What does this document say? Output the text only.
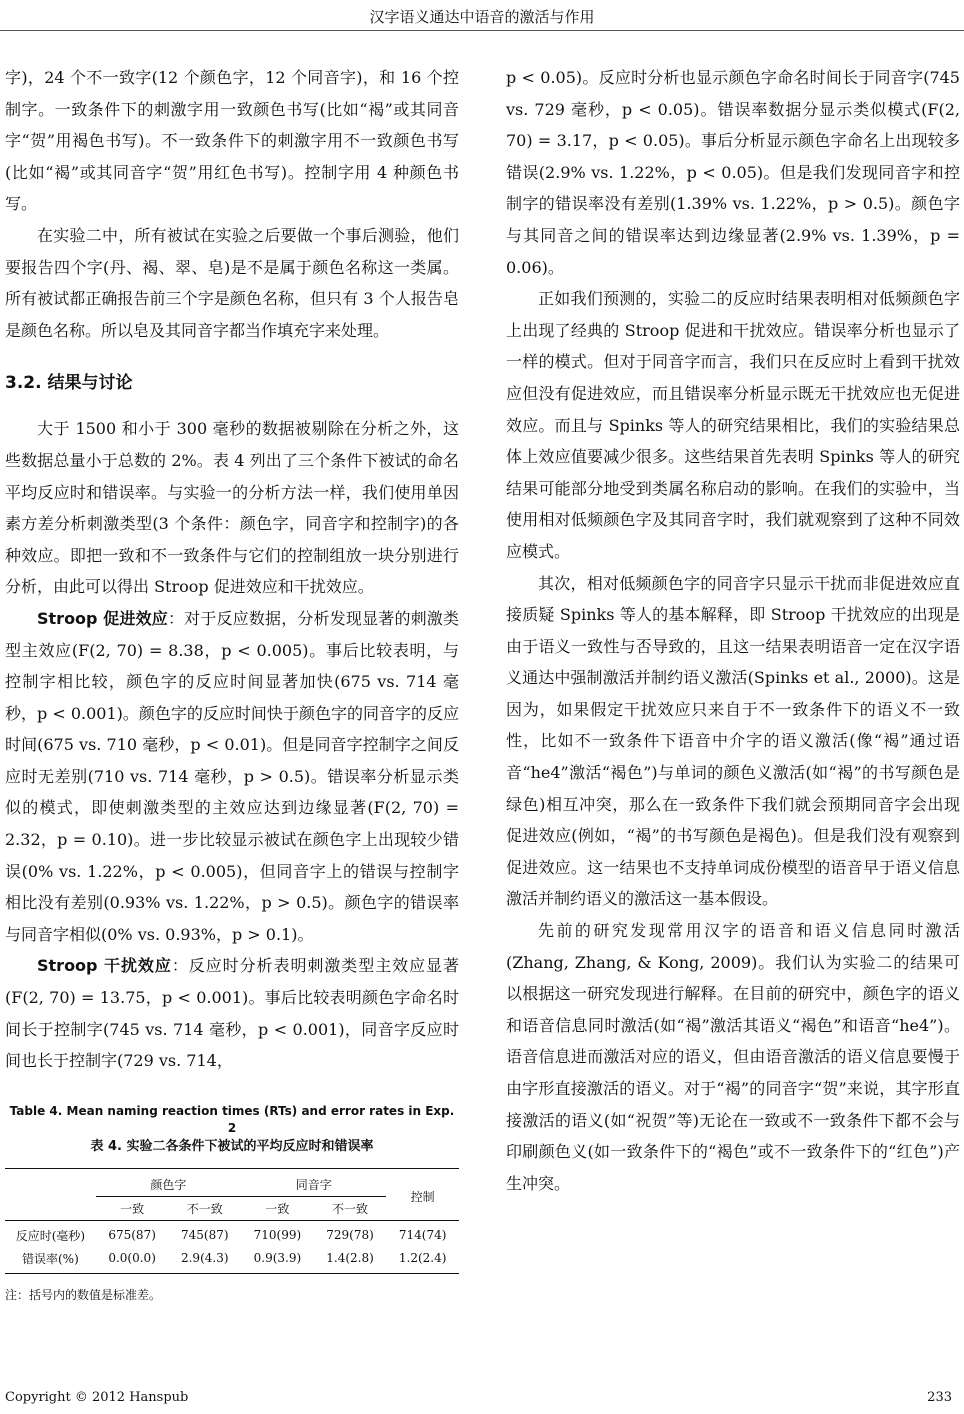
汉字语义通达中语音的激活与作用

字)，24 个不一致字(12 个颜色字，12 个同音字)，和 16 个控制字。一致条件下的刺激字用一致颜色书写(比如“褐”或其同音字“贺”用褐色书写)。不一致条件下的刺激字用不一致颜色书写(比如“褐”或其同音字“贺”用红色书写)。控制字用 4 种颜色书写。

在实验二中，所有被试在实验之后要做一个事后测验，他们要报告四个字(丹、褐、翠、皂)是不是属于颜色名称这一类属。所有被试都正确报告前三个字是颜色名称，但只有 3 个人报告皂是颜色名称。所以皂及其同音字都当作填充字来处理。

3.2. 结果与讨论

大于 1500 和小于 300 毫秒的数据被剔除在分析之外，这些数据总量小于总数的 2%。表 4 列出了三个条件下被试的命名平均反应时和错误率。与实验一的分析方法一样，我们使用单因素方差分析刺激类型(3 个条件：颜色字，同音字和控制字)的各种效应。即把一致和不一致条件与它们的控制组放一块分别进行分析，由此可以得出 Stroop 促进效应和干扰效应。

Stroop 促进效应：对于反应数据，分析发现显著的刺激类型主效应(F(2, 70) = 8.38，p < 0.005)。事后比较表明，与控制字相比较，颜色字的反应时间显著加快(675 vs. 714 毫秒，p < 0.001)。颜色字的反应时间快于颜色字的同音字的反应时间(675 vs. 710 毫秒，p < 0.01)。但是同音字控制字之间反应时无差别(710 vs. 714 毫秒，p > 0.5)。错误率分析显示类似的模式，即使刺激类型的主效应达到边缘显著(F(2, 70) = 2.32，p = 0.10)。进一步比较显示被试在颜色字上出现较少错误(0% vs. 1.22%，p < 0.005)，但同音字上的错误与控制字相比没有差别(0.93% vs. 1.22%，p > 0.5)。颜色字的错误率与同音字相似(0% vs. 0.93%，p > 0.1)。

Stroop 干扰效应：反应时分析表明刺激类型主效应显著(F(2, 70) = 13.75，p < 0.001)。事后比较表明颜色字命名时间长于控制字(745 vs. 714 毫秒，p < 0.001)，同音字反应时间也长于控制字(729 vs. 714，

Table 4. Mean naming reaction times (RTs) and error rates in Exp. 2
表 4. 实验二各条件下被试的平均反应时和错误率
	颜色字		同音字		控制
	一致	不一致	一致	不一致	
反应时(毫秒)	675(87)	745(87)	710(99)	729(78)	714(74)
错误率(%)	0.0(0.0)	2.9(4.3)	0.9(3.9)	1.4(2.8)	1.2(2.4)
注：括号内的数值是标准差。

p < 0.05)。反应时分析也显示颜色字命名时间长于同音字(745 vs. 729 毫秒，p < 0.05)。错误率数据分显示类似模式(F(2, 70) = 3.17，p < 0.05)。事后分析显示颜色字命名上出现较多错误(2.9% vs. 1.22%，p < 0.05)。但是我们发现同音字和控制字的错误率没有差别(1.39% vs. 1.22%，p > 0.5)。颜色字与其同音之间的错误率达到边缘显著(2.9% vs. 1.39%，p = 0.06)。

正如我们预测的，实验二的反应时结果表明相对低频颜色字上出现了经典的 Stroop 促进和干扰效应。错误率分析也显示了一样的模式。但对于同音字而言，我们只在反应时上看到干扰效应但没有促进效应，而且错误率分析显示既无干扰效应也无促进效应。而且与 Spinks 等人的研究结果相比，我们的实验结果总体上效应值要减少很多。这些结果首先表明 Spinks 等人的研究结果可能部分地受到类属名称启动的影响。在我们的实验中，当使用相对低频颜色字及其同音字时，我们就观察到了这种不同效应模式。

其次，相对低频颜色字的同音字只显示干扰而非促进效应直接质疑 Spinks 等人的基本解释，即 Stroop 干扰效应的出现是由于语义一致性与否导致的，且这一结果表明语音一定在汉字语义通达中强制激活并制约语义激活(Spinks et al., 2000)。这是因为，如果假定干扰效应只来自于不一致条件下的语义不一致性，比如不一致条件下语音中介字的语义激活(像“褐”通过语音“he4”激活“褐色”)与单词的颜色义激活(如“褐”的书写颜色是绿色)相互冲突，那么在一致条件下我们就会预期同音字会出现促进效应(例如，“褐”的书写颜色是褐色)。但是我们没有观察到促进效应。这一结果也不支持单词成份模型的语音早于语义信息激活并制约语义的激活这一基本假设。

先前的研究发现常用汉字的语音和语义信息同时激活(Zhang, Zhang, & Kong, 2009)。我们认为实验二的结果可以根据这一研究发现进行解释。在目前的研究中，颜色字的语义和语音信息同时激活(如“褐”激活其语义“褐色”和语音“he4”)。语音信息进而激活对应的语义，但由语音激活的语义信息要慢于由字形直接激活的语义。对于“褐”的同音字“贺”来说，其字形直接激活的语义(如“祝贺”等)无论在一致或不一致条件下都不会与印刷颜色义(如一致条件下的“褐色”或不一致条件下的“红色”)产生冲突。

Copyright © 2012 Hanspub	233
